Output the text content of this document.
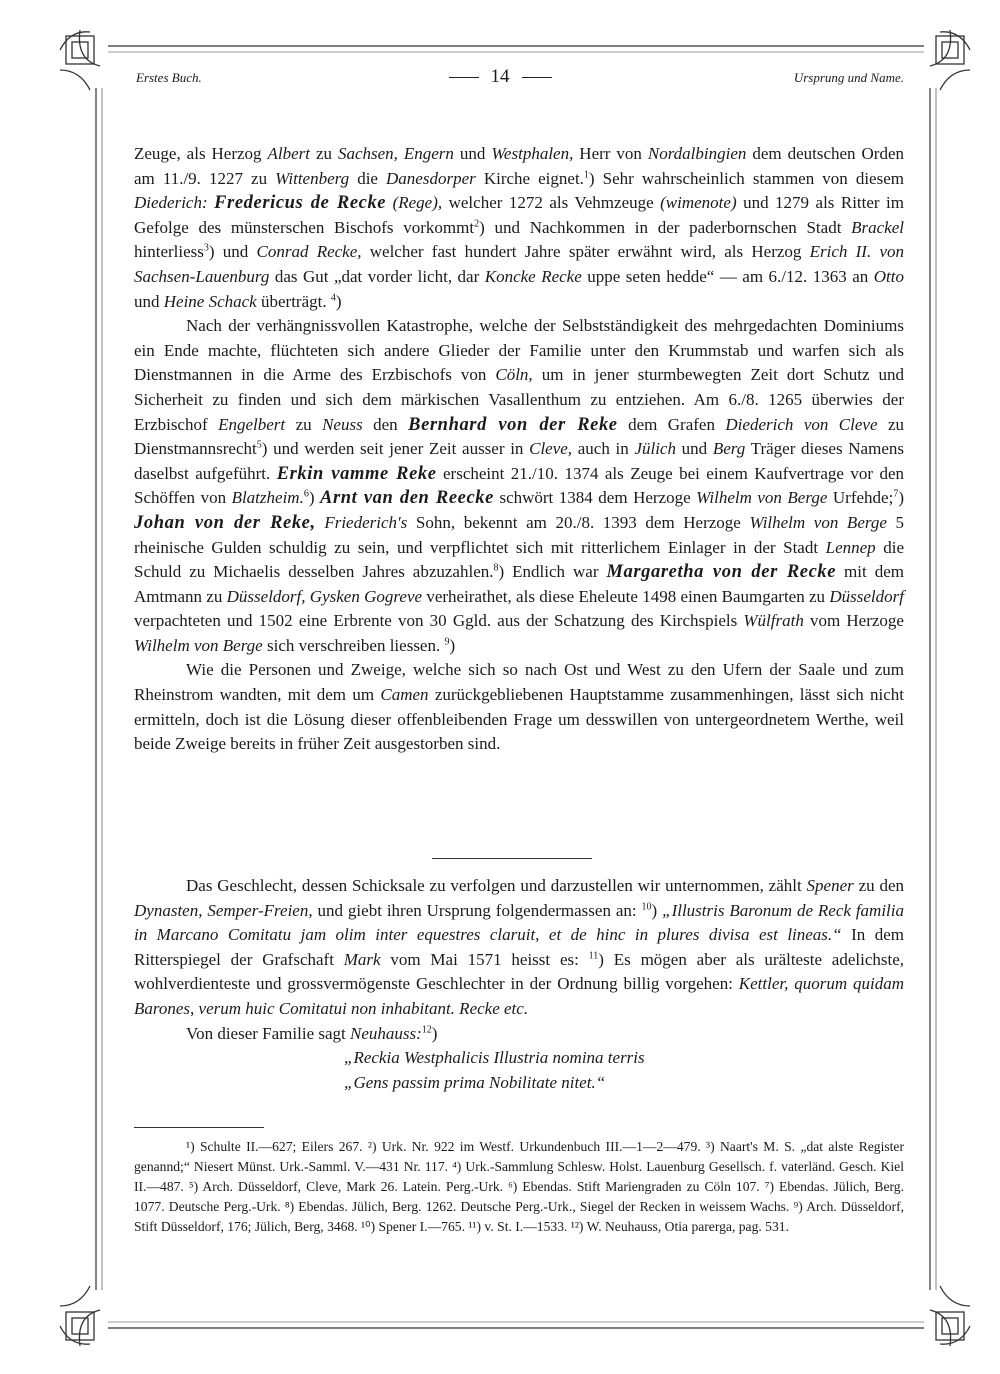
Erstes Buch.	14	Ursprung und Name.

Zeuge, als Herzog Albert zu Sachsen, Engern und Westphalen, Herr von Nordalbingien dem deutschen Orden am 11./9. 1227 zu Wittenberg die Danesdorper Kirche eignet.$^1$) Sehr wahrscheinlich stammen von diesem Diederich: Fredericus de Recke (Rege), welcher 1272 als Vehmzeuge (wimenote) und 1279 als Ritter im Gefolge des münsterschen Bischofs vorkommt$^2$) und Nachkommen in der paderbornschen Stadt Brackel hinterliess$^3$) und Conrad Recke, welcher fast hundert Jahre später erwähnt wird, als Herzog Erich II. von Sachsen-Lauenburg das Gut „dat vorder licht, dar Koncke Recke uppe seten hedde“ — am 6./12. 1363 an Otto und Heine Schack überträgt. $^4$)

Nach der verhängnissvollen Katastrophe, welche der Selbstständigkeit des mehrgedachten Dominiums ein Ende machte, flüchteten sich andere Glieder der Familie unter den Krummstab und warfen sich als Dienstmannen in die Arme des Erzbischofs von Cöln, um in jener sturmbewegten Zeit dort Schutz und Sicherheit zu finden und sich dem märkischen Vasallenthum zu entziehen. Am 6./8. 1265 überwies der Erzbischof Engelbert zu Neuss den Bernhard von der Reke dem Grafen Diederich von Cleve zu Dienstmannsrecht$^5$) und werden seit jener Zeit ausser in Cleve, auch in Jülich und Berg Träger dieses Namens daselbst aufgeführt. Erkin vamme Reke erscheint 21./10. 1374 als Zeuge bei einem Kaufvertrage vor den Schöffen von Blatzheim.$^6$) Arnt van den Reecke schwört 1384 dem Herzoge Wilhelm von Berge Urfehde;$^7$) Johan von der Reke, Friederich's Sohn, bekennt am 20./8. 1393 dem Herzoge Wilhelm von Berge 5 rheinische Gulden schuldig zu sein, und verpflichtet sich mit ritterlichem Einlager in der Stadt Lennep die Schuld zu Michaelis desselben Jahres abzuzahlen.$^8$) Endlich war Margaretha von der Recke mit dem Amtmann zu Düsseldorf, Gysken Gogreve verheirathet, als diese Eheleute 1498 einen Baumgarten zu Düsseldorf verpachteten und 1502 eine Erbrente von 30 Ggld. aus der Schatzung des Kirchspiels Wülfrath vom Herzoge Wilhelm von Berge sich verschreiben liessen. $^9$)

Wie die Personen und Zweige, welche sich so nach Ost und West zu den Ufern der Saale und zum Rheinstrom wandten, mit dem um Camen zurückgebliebenen Hauptstamme zusammenhingen, lässt sich nicht ermitteln, doch ist die Lösung dieser offenbleibenden Frage um desswillen von untergeordnetem Werthe, weil beide Zweige bereits in früher Zeit ausgestorben sind.

Das Geschlecht, dessen Schicksale zu verfolgen und darzustellen wir unternommen, zählt Spener zu den Dynasten, Semper-Freien, und giebt ihren Ursprung folgendermassen an: $^{10}$) „Illustris Baronum de Reck familia in Marcano Comitatu jam olim inter equestres claruit, et de hinc in plures divisa est lineas.“ In dem Ritterspiegel der Grafschaft Mark vom Mai 1571 heisst es: $^{11}$) Es mögen aber als urälteste adelichste, wohlverdienteste und grossvermögenste Geschlechter in der Ordnung billig vorgehen: Kettler, quorum quidam Barones, verum huic Comitatui non inhabitant. Recke etc.

Von dieser Familie sagt Neuhauss:$^{12}$)

„Reckia Westphalicis Illustria nomina terris

„Gens passim prima Nobilitate nitet.“

¹) Schulte II.—627; Eilers 267. ²) Urk. Nr. 922 im Westf. Urkundenbuch III.—1—2—479. ³) Naart's M. S. „dat alste Register genannd;“ Niesert Münst. Urk.-Samml. V.—431 Nr. 117. ⁴) Urk.-Sammlung Schlesw. Holst. Lauenburg Gesellsch. f. vaterländ. Gesch. Kiel II.—487. ⁵) Arch. Düsseldorf, Cleve, Mark 26. Latein. Perg.-Urk. ⁶) Ebendas. Stift Mariengraden zu Cöln 107. ⁷) Ebendas. Jülich, Berg. 1077. Deutsche Perg.-Urk. ⁸) Ebendas. Jülich, Berg. 1262. Deutsche Perg.-Urk., Siegel der Recken in weissem Wachs. ⁹) Arch. Düsseldorf, Stift Düsseldorf, 176; Jülich, Berg, 3468. ¹⁰) Spener I.—765. ¹¹) v. St. I.—1533. ¹²) W. Neuhauss, Otia parerga, pag. 531.
